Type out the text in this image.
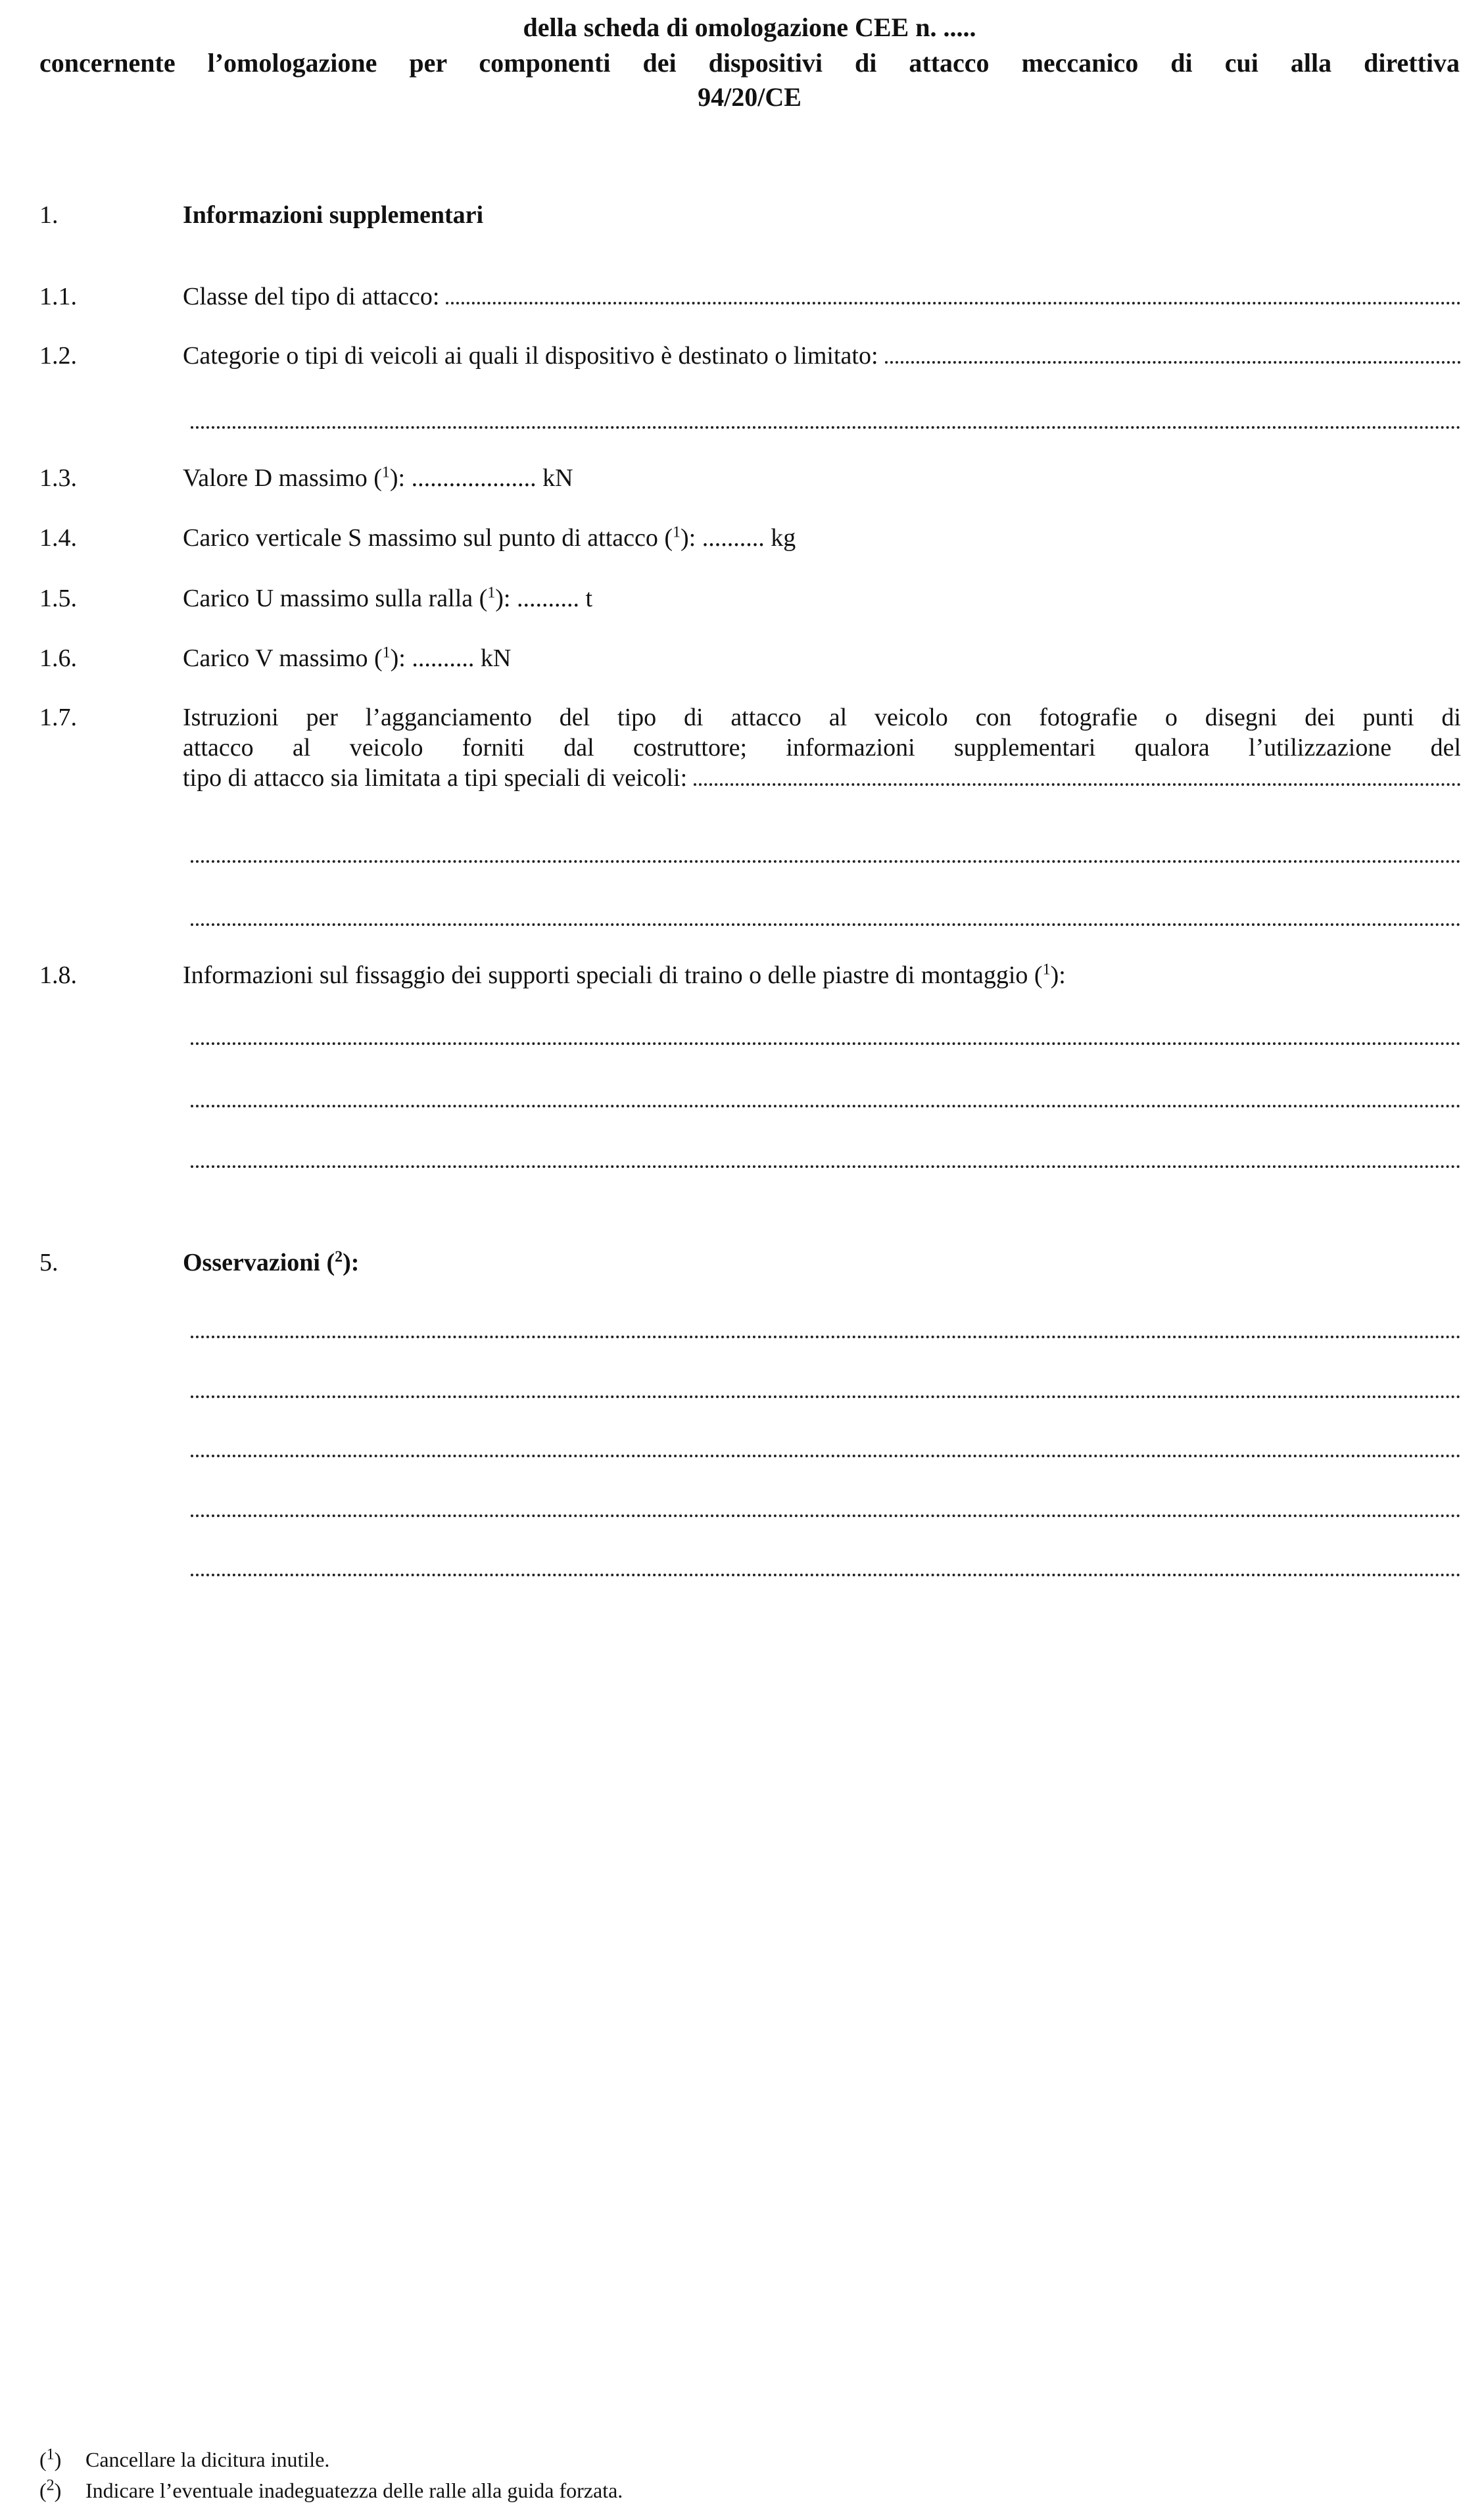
della scheda di omologazione CEE n. .....
concernente l’omologazione per componenti dei dispositivi di attacco meccanico di cui alla direttiva
94/20/CE
1.	Informazioni supplementari
1.1.	Classe del tipo di attacco:
1.2.	Categorie o tipi di veicoli ai quali il dispositivo è destinato o limitato:
1.3.	Valore D massimo ($^1$): .................... kN
1.4.	Carico verticale S massimo sul punto di attacco ($^1$): .......... kg
1.5.	Carico U massimo sulla ralla ($^1$): .......... t
1.6.	Carico V massimo ($^1$): .......... kN
1.7.	Istruzioni per l’agganciamento del tipo di attacco al veicolo con fotografie o disegni dei punti di
attacco al veicolo forniti dal costruttore; informazioni supplementari qualora l’utilizzazione del
tipo di attacco sia limitata a tipi speciali di veicoli:
1.8.	Informazioni sul fissaggio dei supporti speciali di traino o delle piastre di montaggio ($^1$):
5.	Osservazioni ($^2$):
($^1$) Cancellare la dicitura inutile.
($^2$) Indicare l’eventuale inadeguatezza delle ralle alla guida forzata.
